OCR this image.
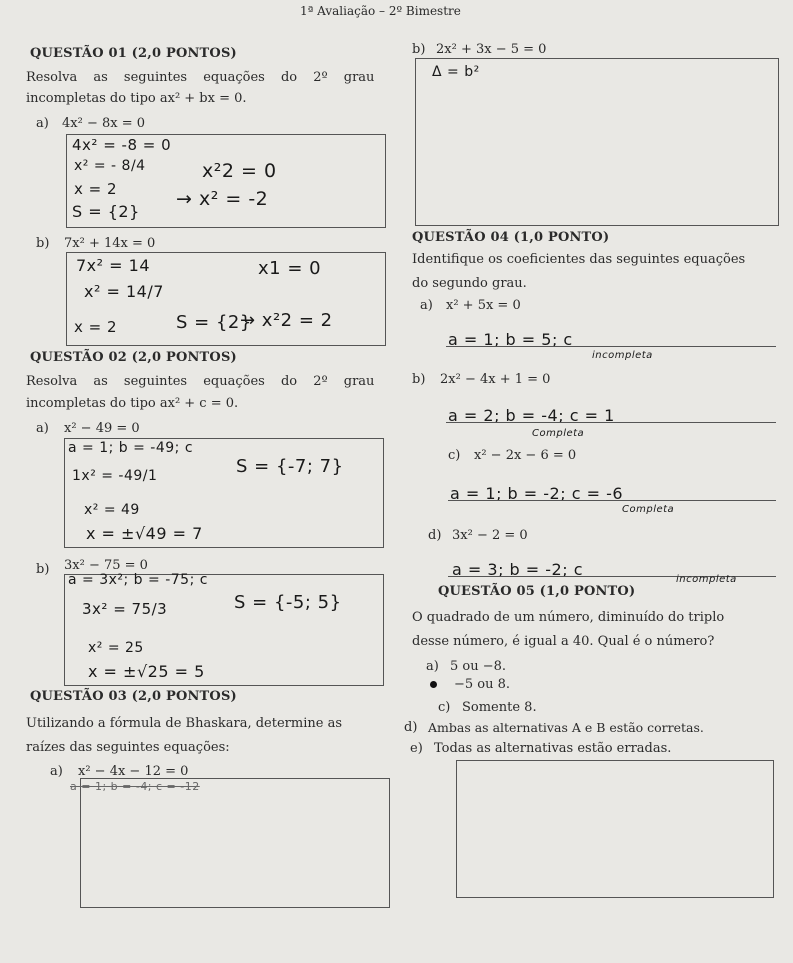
1ª Avaliação – 2º Bimestre
QUESTÃO 01 (2,0 PONTOS)
Resolva as seguintes equações do 2º grau
incompletas do tipo ax² + bx = 0.
a) 4x² − 8x = 0
4x² = -8 = 0
x² = - 8/4
x = 2
S = {2}
x²2 = 0
→ x² = -2
b) 7x² + 14x = 0
7x² = 14
x² = 14/7
x = 2
x1 = 0
S = {2}
→ x²2 = 2
QUESTÃO 02 (2,0 PONTOS)
Resolva as seguintes equações do 2º grau
incompletas do tipo ax² + c = 0.
a) x² − 49 = 0
a = 1; b = -49; c
1x² = -49/1
x² = 49
x = ±√49 = 7
S = {-7; 7}
b) 3x² − 75 = 0
a = 3x²; b = -75; c
3x² = 75/3
x² = 25
x = ±√25 = 5
S = {-5; 5}
QUESTÃO 03 (2,0 PONTOS)
Utilizando a fórmula de Bhaskara, determine as
raízes das seguintes equações:
a) x² − 4x − 12 = 0
a = 1; b = -4; c = -12
b) 2x² + 3x − 5 = 0
Δ = b²
QUESTÃO 04 (1,0 PONTO)
Identifique os coeficientes das seguintes equações
do segundo grau.
a) x² + 5x = 0
a = 1; b = 5; c
incompleta
b) 2x² − 4x + 1 = 0
a = 2; b = -4; c = 1
Completa
c) x² − 2x − 6 = 0
a = 1; b = -2; c = -6
Completa
d) 3x² − 2 = 0
a = 3; b = -2; c
incompleta
QUESTÃO 05 (1,0 PONTO)
O quadrado de um número, diminuído do triplo
desse número, é igual a 40. Qual é o número?
a) 5 ou −8.
−5 ou 8.
c) Somente 8.
d) Ambas as alternativas A e B estão corretas.
e) Todas as alternativas estão erradas.
